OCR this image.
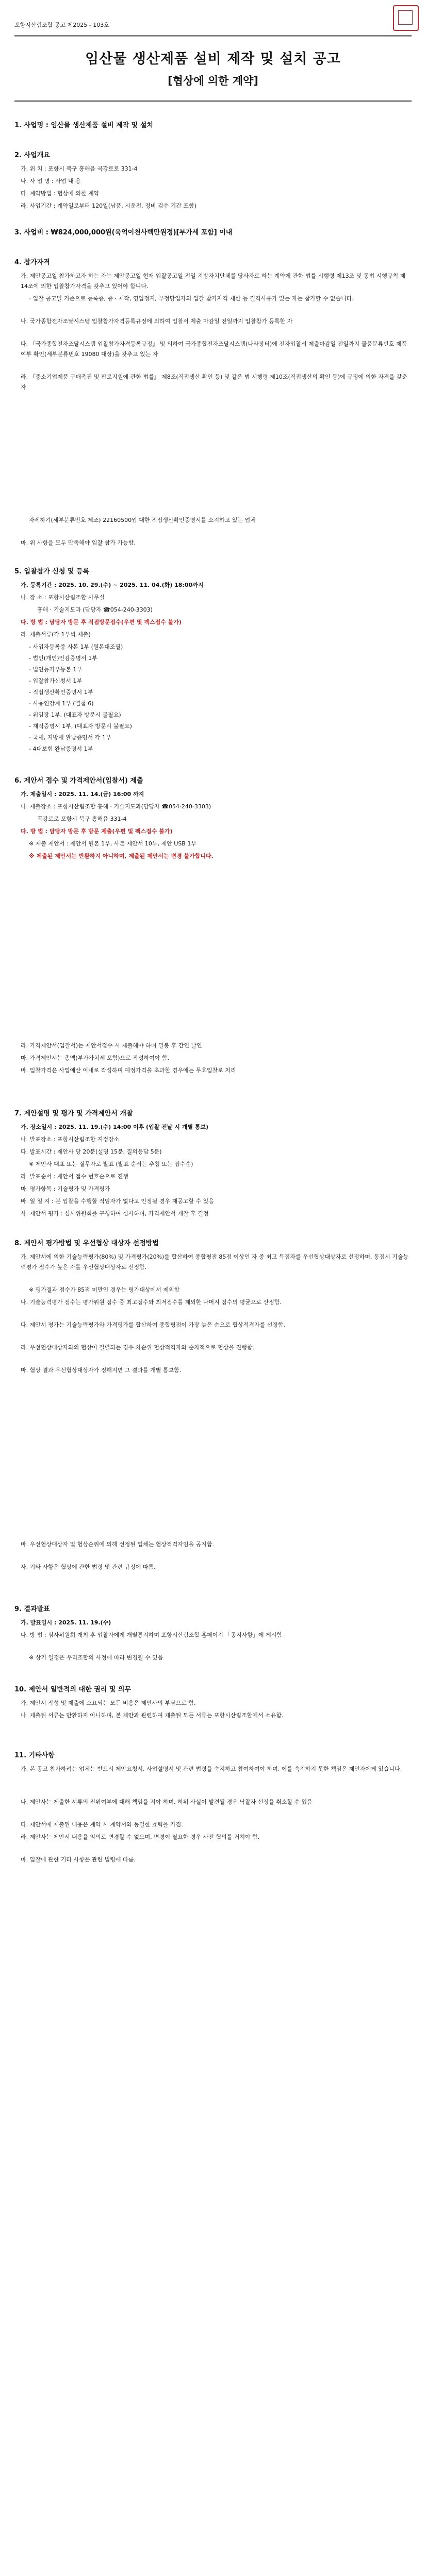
포항시산림조합 공고 제2025 - 103호
임산물 생산제품 설비 제작 및 설치 공고
[협상에 의한 계약]
1. 사업명 : 임산물 생산제품 설비 제작 및 설치
2. 사업개요
가. 위 치 : 포항시 북구 흥해읍 곡강로로 331-4
나. 사 업 명 : 사업 내 용
다. 계약방법 : 협상에 의한 계약
라. 사업기간 : 계약일로부터 120일(납품, 시운전, 정비 검수 기간 포함)
3. 사업비 : ₩824,000,000원(육억이천사백만원정)[부가세 포함] 이내
4. 참가자격
가. 제안공고일 참가하고자 하는 자는 제안공고일 현재 입찰공고일 전일 지방자치단체를 당사자로 하는 계약에 관한 법률 시행령 제13조 및 동법 시행규칙 제14조에 의한 입찰참가자격을 갖추고 있어야 합니다.
- 입찰 공고일 기준으로 등록증, 중 · 제작, 영업정지, 부정당업자의 입찰 참가자격 제한 등 결격사유가 있는 자는 참가할 수 없습니다.
나. 국가종합전자조달시스템 입찰참가자격등록규정에 의하여 입찰서 제출 마감일 전일까지 입찰참가 등록한 자
다. 『국가종합전자조달시스템 입찰참가자격등록규정』 및 의하여 국가종합전자조달시스템(나라장터)에 전자입찰서 제출마감일 전일까지 물품분류번호 제품 여부 확인(세부분류번호 19080 대상)을 갖추고 있는 자
라. 『중소기업제품 구매촉진 및 판로지원에 관한 법률』 제8조(직접생산 확인 등) 및 같은 법 시행령 제10조(직접생산의 확인 등)에 규정에 의한 자격을 갖춘 자
자세하기(세부분류번호 제조) 22160500입 대한 직접생산확인증명서를 소지하고 있는 업체
마. 위 사항을 모두 만족해야 입찰 참가 가능함.
5. 입찰참가 신청 및 등록
가. 등록기간 : 2025. 10. 29.(수) ~ 2025. 11. 04.(화) 18:00까지
나. 장 소 : 포항시산림조합 사무실
흥해 · 기술지도과 (담당자 ☎054-240-3303)
다. 방 법 : 담당자 방문 후 직접방문접수(우편 및 팩스접수 불가)
라. 제출서류(각 1부씩 제출)
- 사업자등록증 사본 1부 (원본대조필)
- 법인(개인)인감증명서 1부
- 법인등기부등본 1부
- 입찰참가신청서 1부
- 직접생산확인증명서 1부
- 사용인감계 1부 (별첨 6)
- 위임장 1부, (대표자 방문시 불필요)
- 재직증명서 1부, (대표자 방문시 불필요)
- 국세, 지방세 완납증명서 각 1부
- 4대보험 완납증명서 1부
6. 제안서 접수 및 가격제안서(입찰서) 제출
가. 제출일시 : 2025. 11. 14.(금) 16:00 까지
나. 제출장소 : 포항시산림조합 흥해 · 기술지도과(담당자 ☎054-240-3303)
곡강로로 포항시 북구 흥해읍 331-4
다. 방 법 : 담당자 방문 후 방문 제출(우편 및 팩스접수 불가)
※ 제출 제안서 : 제안서 원본 1부, 사본 제안서 10부, 제안 USB 1부
※ 제출된 제안서는 반환하지 아니하며, 제출된 제안서는 변경 불가합니다.
라. 가격제안서(입찰서)는 제안서접수 시 제출해야 하며 밀봉 후 간인 날인
마. 가격제안서는 총액(부가가치세 포함)으로 작성하여야 함.
바. 입찰가격은 사업예산 이내로 작성하며 예정가격을 초과한 경우에는 무효입찰로 처리
7. 제안설명 및 평가 및 가격제안서 개찰
가. 장소일시 : 2025. 11. 19.(수) 14:00 이후 (입찰 전날 시 개별 통보)
나. 발표장소 : 포항시산림조합 지정장소
다. 발표시간 : 제안사 당 20분(설명 15분, 질의응답 5분)
※ 제안사 대표 또는 실무자로 발표 (발표 순서는 추첨 또는 접수순)
라. 발표순서 : 제안서 접수 번호순으로 진행
마. 평가항목 : 기술평가 및 가격평가
바. 일 일 지 : 본 입찰을 수행할 적임자가 없다고 인정될 경우 재공고할 수 있음
사. 제안서 평가 : 심사위원회를 구성하여 심사하며, 가격제안서 개찰 후 결정
8. 제안서 평가방법 및 우선협상 대상자 선정방법
가. 제안서에 의한 기술능력평가(80%) 및 가격평가(20%)를 합산하여 종합평점 85점 이상인 자 중 최고 득점자를 우선협상대상자로 선정하며, 동점시 기술능력평가 점수가 높은 자를 우선협상대상자로 선정함.
※ 평가결과 점수가 85점 미만인 경우는 평가대상에서 제외함
나. 기술능력평가 점수는 평가위원 점수 중 최고점수와 최저점수를 제외한 나머지 점수의 평균으로 산정함.
다. 제안서 평가는 기술능력평가와 가격평가를 합산하여 종합평점이 가장 높은 순으로 협상적격자를 선정함.
라. 우선협상대상자와의 협상이 결렬되는 경우 차순위 협상적격자와 순차적으로 협상을 진행함.
마. 협상 결과 우선협상대상자가 정해지면 그 결과를 개별 통보함.
바. 우선협상대상자 및 협상순위에 의해 선정된 업체는 협상적격자임을 공지함.
사. 기타 사항은 협상에 관한 법령 및 관련 규정에 따름.
9. 결과발표
가. 발표일시 : 2025. 11. 19.(수)
나. 방 법 : 심사위원회 개최 후 입찰자에게 개별통지하며 포항시산림조합 홈페이지 「공지사항」에 게시함
※ 상기 일정은 우리조합의 사정에 따라 변경될 수 있음
10. 제안서 일반적의 대한 권리 및 의무
가. 제안서 작성 및 제출에 소요되는 모든 비용은 제안사의 부담으로 함.
나. 제출된 서류는 반환하지 아니하며, 본 제안과 관련하여 제출된 모든 서류는 포항시산림조합에서 소유함.
11. 기타사항
가. 본 공고 참가하려는 업체는 반드시 제안요청서, 사업설명서 및 관련 법령을 숙지하고 참여하여야 하며, 이를 숙지하지 못한 책임은 제안자에게 있습니다.
나. 제안사는 제출한 서류의 진위여부에 대해 책임을 져야 하며, 허위 사실이 발견될 경우 낙찰자 선정을 취소할 수 있음
다. 제안서에 제출된 내용은 계약 시 계약서와 동일한 효력을 가짐.
라. 제안사는 제안서 내용을 임의로 변경할 수 없으며, 변경이 필요한 경우 사전 협의를 거쳐야 함.
마. 입찰에 관한 기타 사항은 관련 법령에 따름.
